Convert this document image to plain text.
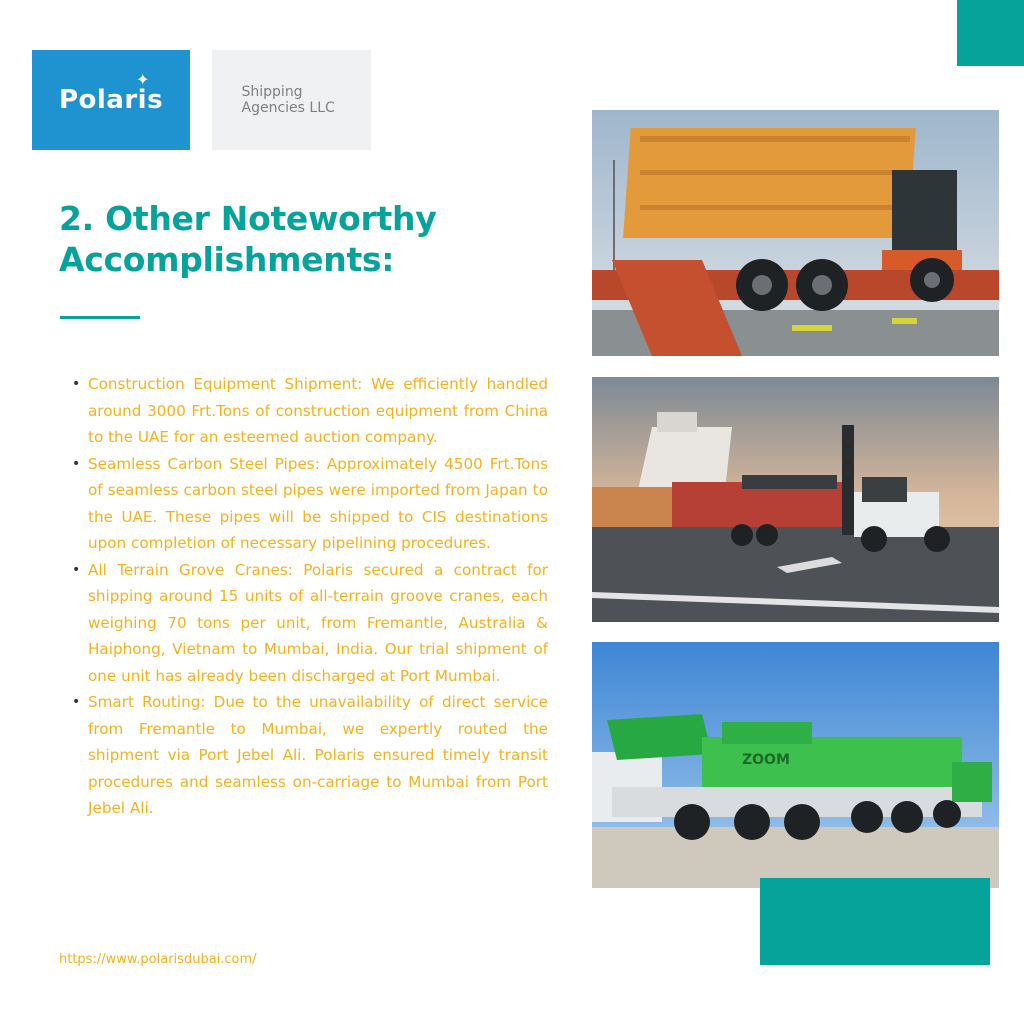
Polaris
✦
Shipping
Agencies LLC
2. Other Noteworthy
Accomplishments:
• Construction Equipment Shipment: We efficiently handled around 3000 Frt.Tons of construction equipment from China to the UAE for an esteemed auction company.
• Seamless Carbon Steel Pipes: Approximately 4500 Frt.Tons of seamless carbon steel pipes were imported from Japan to the UAE. These pipes will be shipped to CIS destinations upon completion of necessary pipelining procedures.
• All Terrain Grove Cranes: Polaris secured a contract for shipping around 15 units of all-terrain groove cranes, each weighing 70 tons per unit, from Fremantle, Australia & Haiphong, Vietnam to Mumbai, India. Our trial shipment of one unit has already been discharged at Port Mumbai.
• Smart Routing: Due to the unavailability of direct service from Fremantle to Mumbai, we expertly routed the shipment via Port Jebel Ali. Polaris ensured timely transit procedures and seamless on-carriage to Mumbai from Port Jebel Ali.
https://www.polarisdubai.com/
ZOOM
